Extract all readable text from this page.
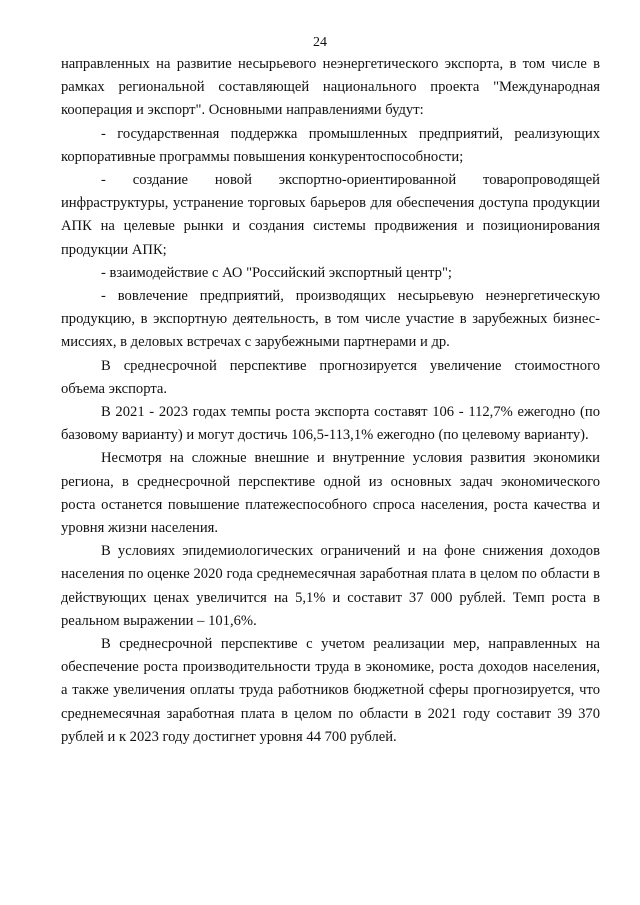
24

направленных на развитие несырьевого неэнергетического экспорта, в том числе в рамках региональной составляющей национального проекта "Международная кооперация и экспорт". Основными направлениями будут:

- государственная поддержка промышленных предприятий, реализующих корпоративные программы повышения конкурентоспособности;

- создание новой экспортно-ориентированной товаропроводящей инфраструктуры, устранение торговых барьеров для обеспечения доступа продукции АПК на целевые рынки и создания системы продвижения и позиционирования продукции АПК;

- взаимодействие с АО "Российский экспортный центр";

- вовлечение предприятий, производящих несырьевую неэнергетическую продукцию, в экспортную деятельность, в том числе участие в зарубежных бизнес-миссиях, в деловых встречах с зарубежными партнерами и др.

В среднесрочной перспективе прогнозируется увеличение стоимостного объема экспорта.

В 2021 - 2023 годах темпы роста экспорта составят 106 - 112,7% ежегодно (по базовому варианту) и могут достичь 106,5-113,1% ежегодно (по целевому варианту).

Несмотря на сложные внешние и внутренние условия развития экономики региона, в среднесрочной перспективе одной из основных задач экономического роста останется повышение платежеспособного спроса населения, роста качества и уровня жизни населения.

В условиях эпидемиологических ограничений и на фоне снижения доходов населения по оценке 2020 года среднемесячная заработная плата в целом по области в действующих ценах увеличится на 5,1% и составит 37 000 рублей. Темп роста в реальном выражении – 101,6%.

В среднесрочной перспективе с учетом реализации мер, направленных на обеспечение роста производительности труда в экономике, роста доходов населения, а также увеличения оплаты труда работников бюджетной сферы прогнозируется, что среднемесячная заработная плата в целом по области в 2021 году составит 39 370 рублей и к 2023 году достигнет уровня 44 700 рублей.
